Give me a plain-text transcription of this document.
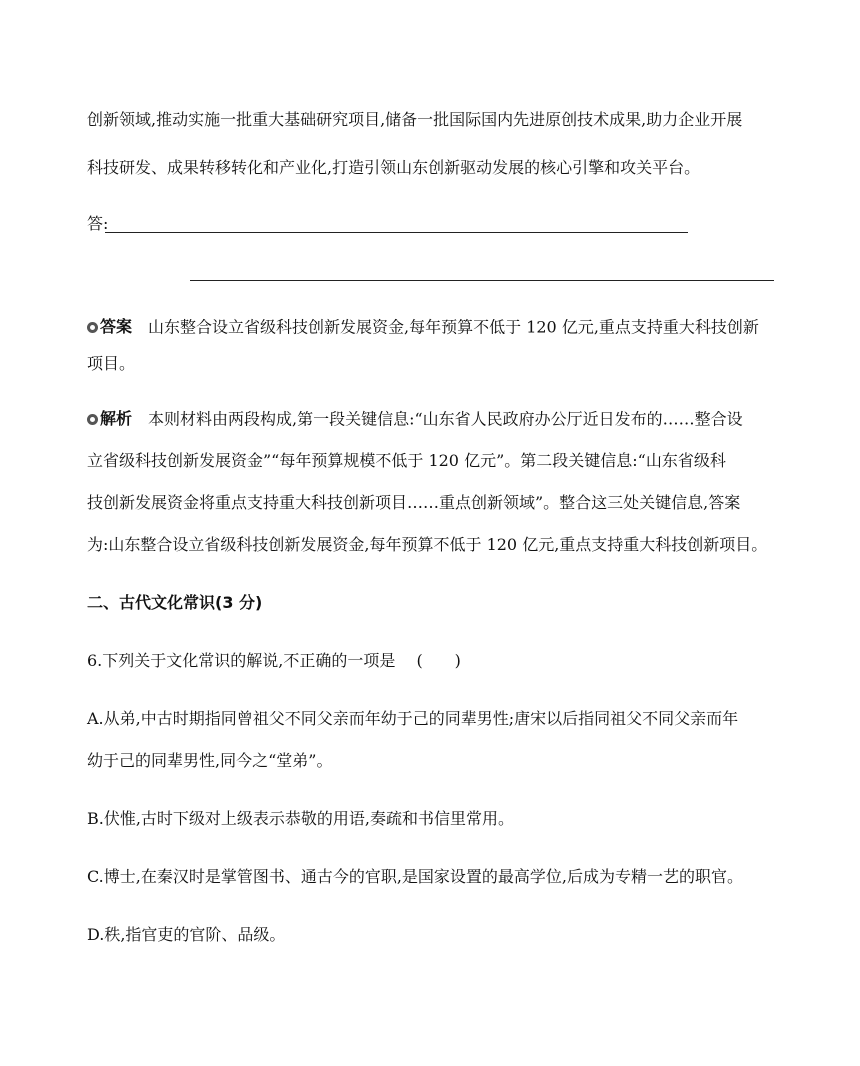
创新领域,推动实施一批重大基础研究项目,储备一批国际国内先进原创技术成果,助力企业开展
科技研发、成果转移转化和产业化,打造引领山东创新驱动发展的核心引擎和攻关平台。
答:
答案 山东整合设立省级科技创新发展资金,每年预算不低于 120 亿元,重点支持重大科技创新
项目。
解析 本则材料由两段构成,第一段关键信息:“山东省人民政府办公厅近日发布的……整合设
立省级科技创新发展资金”“每年预算规模不低于 120 亿元”。第二段关键信息:“山东省级科
技创新发展资金将重点支持重大科技创新项目……重点创新领域”。整合这三处关键信息,答案
为:山东整合设立省级科技创新发展资金,每年预算不低于 120 亿元,重点支持重大科技创新项目。
二、古代文化常识(3 分)
6.下列关于文化常识的解说,不正确的一项是　 (　　)
A.从弟,中古时期指同曾祖父不同父亲而年幼于己的同辈男性;唐宋以后指同祖父不同父亲而年
幼于己的同辈男性,同今之“堂弟”。
B.伏惟,古时下级对上级表示恭敬的用语,奏疏和书信里常用。
C.博士,在秦汉时是掌管图书、通古今的官职,是国家设置的最高学位,后成为专精一艺的职官。
D.秩,指官吏的官阶、品级。
